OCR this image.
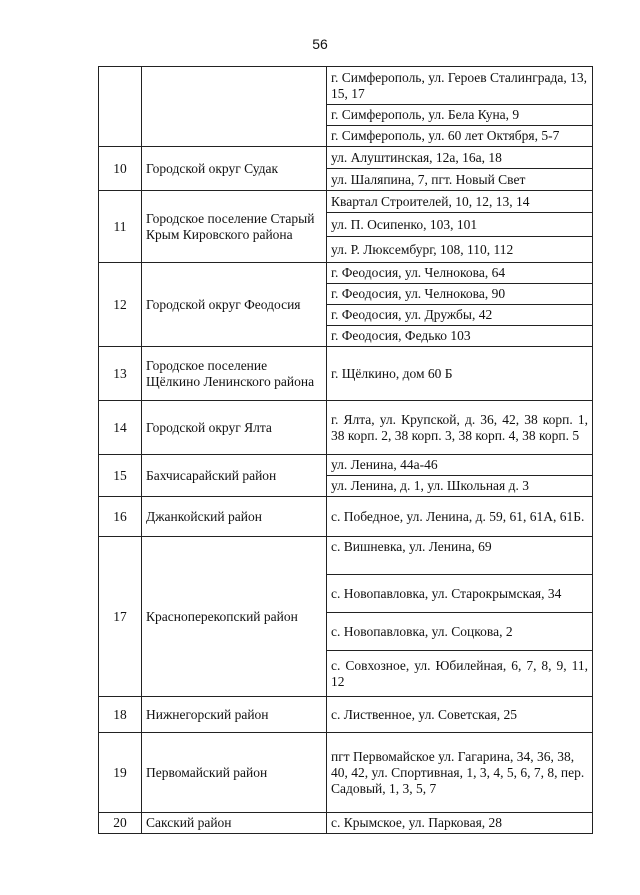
56
		г. Симферополь, ул. Героев Сталинграда, 13, 15, 17
		г. Симферополь, ул. Бела Куна, 9
		г. Симферополь, ул. 60 лет Октября, 5-7
10	Городской округ Судак	ул. Алуштинская, 12а, 16а, 18
		ул. Шаляпина, 7, пгт. Новый Свет
11	Городское поселение Старый Крым Кировского района	Квартал Строителей, 10, 12, 13, 14
		ул. П. Осипенко, 103, 101
		ул. Р. Люксембург, 108, 110, 112
12	Городской округ Феодосия	г. Феодосия, ул. Челнокова, 64
		г. Феодосия, ул. Челнокова, 90
		г. Феодосия, ул. Дружбы, 42
		г. Феодосия, Федько 103
13	Городское поселение Щёлкино Ленинского района	г. Щёлкино, дом 60 Б
14	Городской округ Ялта	г. Ялта, ул. Крупской, д. 36, 42, 38 корп. 1, 38 корп. 2, 38 корп. 3, 38 корп. 4, 38 корп. 5
15	Бахчисарайский район	ул. Ленина, 44а-46
		ул. Ленина, д. 1, ул. Школьная д. 3
16	Джанкойский район	с. Победное, ул. Ленина, д. 59, 61, 61А, 61Б.
17	Красноперекопский район	с. Вишневка, ул. Ленина, 69
		с. Новопавловка, ул. Старокрымская, 34
		с. Новопавловка, ул. Соцкова, 2
		с. Совхозное, ул. Юбилейная, 6, 7, 8, 9, 11, 12
18	Нижнегорский район	с. Лиственное, ул. Советская, 25
19	Первомайский район	пгт Первомайское ул. Гагарина, 34, 36, 38, 40, 42, ул. Спортивная, 1, 3, 4, 5, 6, 7, 8, пер. Садовый, 1, 3, 5, 7
20	Сакский район	с. Крымское, ул. Парковая, 28
